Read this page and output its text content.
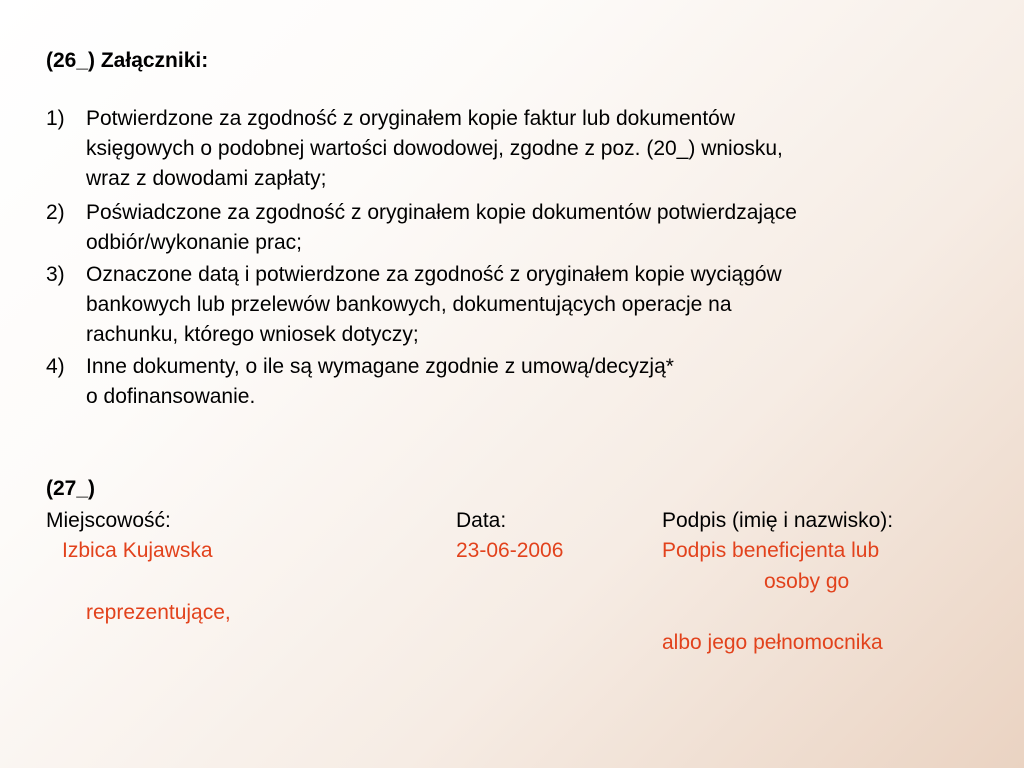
(26_) Załączniki:
1)	Potwierdzone za zgodność z oryginałem kopie faktur lub dokumentów
księgowych o podobnej wartości dowodowej, zgodne z poz. (20_) wniosku,
wraz z dowodami zapłaty;
2)	Poświadczone za zgodność z oryginałem kopie dokumentów potwierdzające
odbiór/wykonanie prac;
3)	Oznaczone datą i potwierdzone za zgodność z oryginałem kopie wyciągów
bankowych lub przelewów bankowych, dokumentujących operacje na
rachunku, którego wniosek dotyczy;
4)	Inne dokumenty, o ile są wymagane zgodnie z umową/decyzją*
o dofinansowanie.
(27_)
Miejscowość:	Data:	Podpis (imię i nazwisko):
Izbica Kujawska	23-06-2006	Podpis beneficjenta lub
osoby go
reprezentujące,
albo jego pełnomocnika
